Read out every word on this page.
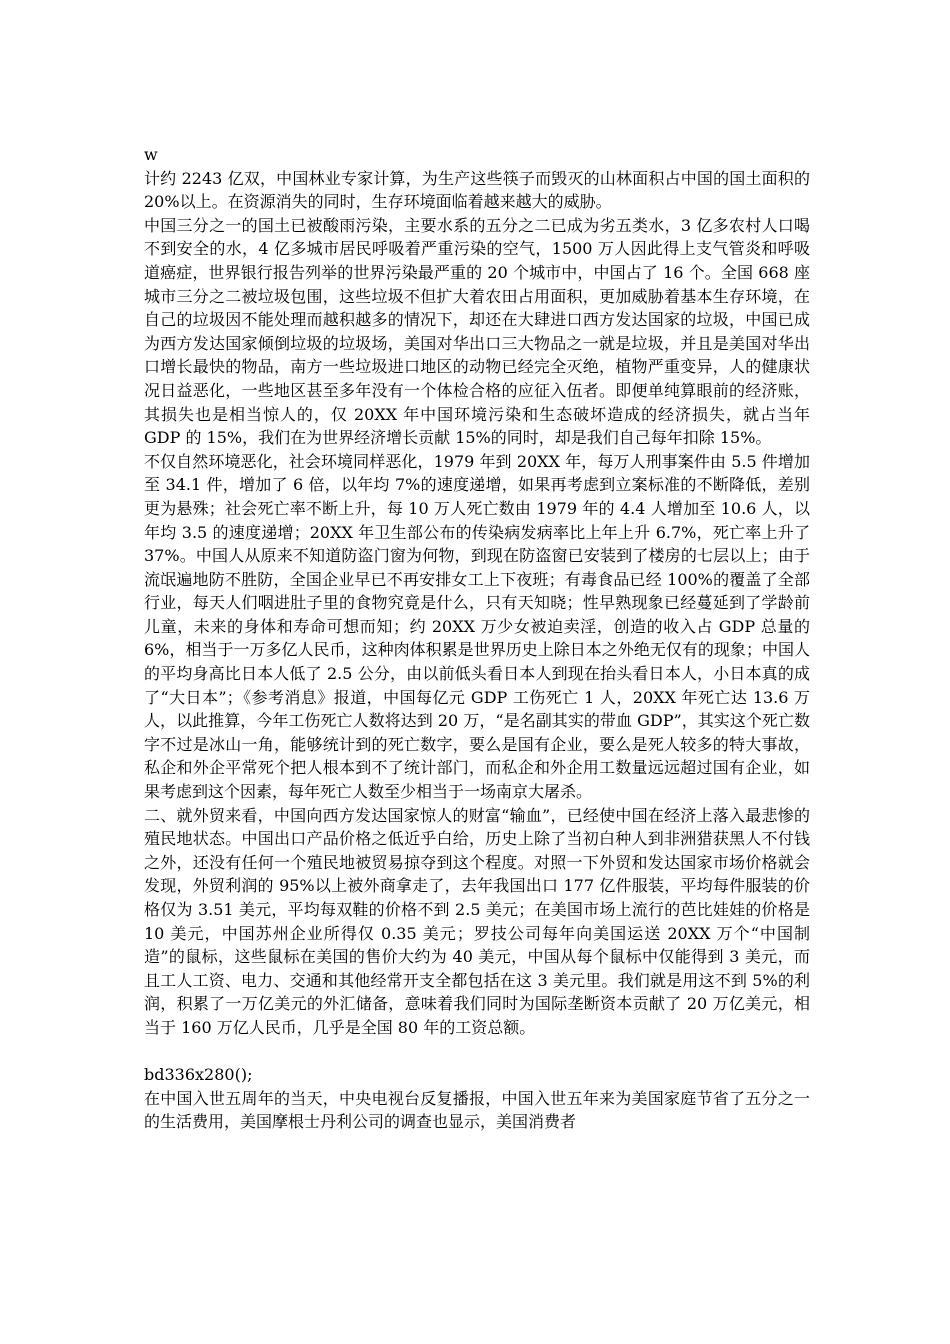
w

计约 2243 亿双，中国林业专家计算，为生产这些筷子而毁灭的山林面积占中国的国土面积的 20%以上。在资源消失的同时，生存环境面临着越来越大的威胁。

中国三分之一的国土已被酸雨污染，主要水系的五分之二已成为劣五类水，3 亿多农村人口喝不到安全的水，4 亿多城市居民呼吸着严重污染的空气，1500 万人因此得上支气管炎和呼吸道癌症，世界银行报告列举的世界污染最严重的 20 个城市中，中国占了 16 个。全国 668 座城市三分之二被垃圾包围，这些垃圾不但扩大着农田占用面积，更加威胁着基本生存环境，在自己的垃圾因不能处理而越积越多的情况下，却还在大肆进口西方发达国家的垃圾，中国已成为西方发达国家倾倒垃圾的垃圾场，美国对华出口三大物品之一就是垃圾，并且是美国对华出口增长最快的物品，南方一些垃圾进口地区的动物已经完全灭绝，植物严重变异，人的健康状况日益恶化，一些地区甚至多年没有一个体检合格的应征入伍者。即便单纯算眼前的经济账，其损失也是相当惊人的，仅 20XX 年中国环境污染和生态破坏造成的经济损失，就占当年 GDP 的 15%，我们在为世界经济增长贡献 15%的同时，却是我们自己每年扣除 15%。

不仅自然环境恶化，社会环境同样恶化，1979 年到 20XX 年，每万人刑事案件由 5.5 件增加至 34.1 件，增加了 6 倍，以年均 7%的速度递增，如果再考虑到立案标准的不断降低，差别更为悬殊；社会死亡率不断上升，每 10 万人死亡数由 1979 年的 4.4 人增加至 10.6 人，以年均 3.5 的速度递增；20XX 年卫生部公布的传染病发病率比上年上升 6.7%，死亡率上升了 37%。中国人从原来不知道防盗门窗为何物，到现在防盗窗已安装到了楼房的七层以上；由于流氓遍地防不胜防，全国企业早已不再安排女工上下夜班；有毒食品已经 100%的覆盖了全部行业，每天人们咽进肚子里的食物究竟是什么，只有天知晓；性早熟现象已经蔓延到了学龄前儿童，未来的身体和寿命可想而知；约 20XX 万少女被迫卖淫，创造的收入占 GDP 总量的 6%，相当于一万多亿人民币，这种肉体积累是世界历史上除日本之外绝无仅有的现象；中国人的平均身高比日本人低了 2.5 公分，由以前低头看日本人到现在抬头看日本人，小日本真的成了“大日本”；《参考消息》报道，中国每亿元 GDP 工伤死亡 1 人，20XX 年死亡达 13.6 万人，以此推算，今年工伤死亡人数将达到 20 万，“是名副其实的带血 GDP”，其实这个死亡数字不过是冰山一角，能够统计到的死亡数字，要么是国有企业，要么是死人较多的特大事故，私企和外企平常死个把人根本到不了统计部门，而私企和外企用工数量远远超过国有企业，如果考虑到这个因素，每年死亡人数至少相当于一场南京大屠杀。

二、就外贸来看，中国向西方发达国家惊人的财富“输血”，已经使中国在经济上落入最悲惨的殖民地状态。中国出口产品价格之低近乎白给，历史上除了当初白种人到非洲猎获黑人不付钱之外，还没有任何一个殖民地被贸易掠夺到这个程度。对照一下外贸和发达国家市场价格就会发现，外贸利润的 95%以上被外商拿走了，去年我国出口 177 亿件服装，平均每件服装的价格仅为 3.51 美元，平均每双鞋的价格不到 2.5 美元；在美国市场上流行的芭比娃娃的价格是 10 美元，中国苏州企业所得仅 0.35 美元；罗技公司每年向美国运送 20XX 万个“中国制造”的鼠标，这些鼠标在美国的售价大约为 40 美元，中国从每个鼠标中仅能得到 3 美元，而且工人工资、电力、交通和其他经常开支全都包括在这 3 美元里。我们就是用这不到 5%的利润，积累了一万亿美元的外汇储备，意味着我们同时为国际垄断资本贡献了 20 万亿美元，相当于 160 万亿人民币，几乎是全国 80 年的工资总额。

bd336x280();

在中国入世五周年的当天，中央电视台反复播报，中国入世五年来为美国家庭节省了五分之一的生活费用，美国摩根士丹利公司的调查也显示，美国消费者
